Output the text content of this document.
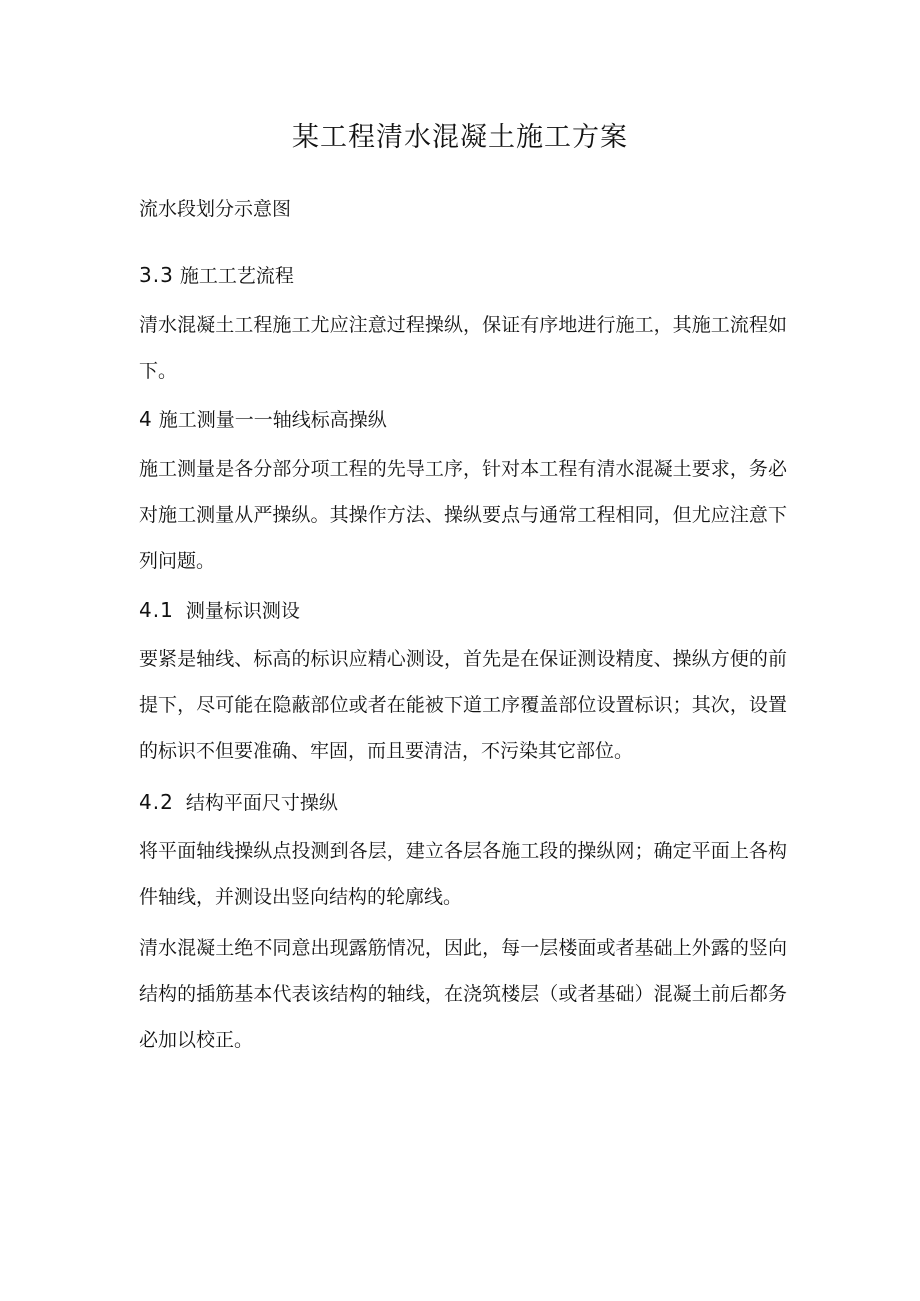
某工程清水混凝土施工方案

流水段划分示意图

3.3 施工工艺流程

清水混凝土工程施工尤应注意过程操纵，保证有序地进行施工，其施工流程如下。

4 施工测量一一轴线标高操纵

施工测量是各分部分项工程的先导工序，针对本工程有清水混凝土要求，务必对施工测量从严操纵。其操作方法、操纵要点与通常工程相同，但尤应注意下列问题。

4.1 测量标识测设

要紧是轴线、标高的标识应精心测设，首先是在保证测设精度、操纵方便的前提下，尽可能在隐蔽部位或者在能被下道工序覆盖部位设置标识；其次，设置的标识不但要准确、牢固，而且要清洁，不污染其它部位。

4.2 结构平面尺寸操纵

将平面轴线操纵点投测到各层，建立各层各施工段的操纵网；确定平面上各构件轴线，并测设出竖向结构的轮廓线。

清水混凝土绝不同意出现露筋情况，因此，每一层楼面或者基础上外露的竖向结构的插筋基本代表该结构的轴线，在浇筑楼层（或者基础）混凝土前后都务必加以校正。
